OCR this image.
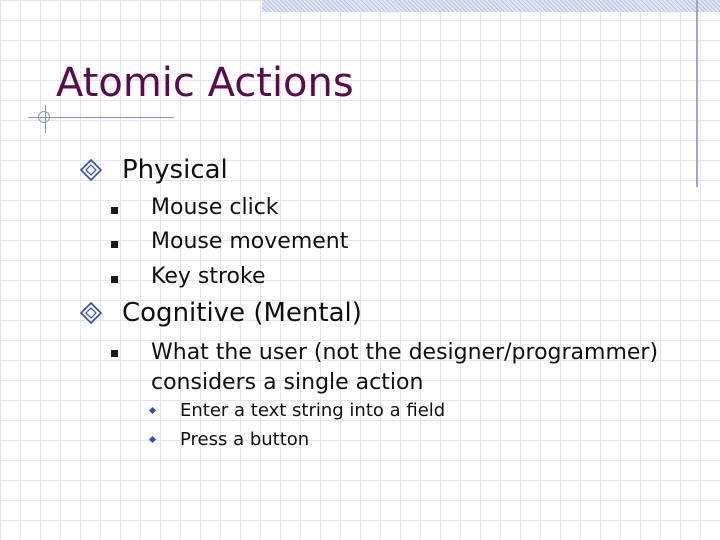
Atomic Actions
Physical
Mouse click
Mouse movement
Key stroke
Cognitive (Mental)
What the user (not the designer/programmer)
considers a single action
Enter a text string into a field
Press a button
